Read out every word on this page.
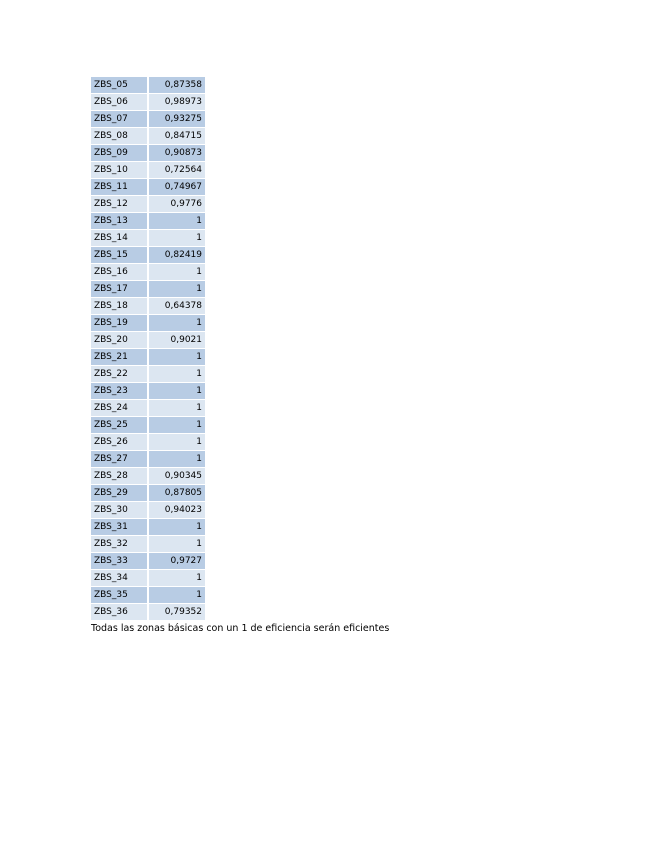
ZBS_05	0,87358
ZBS_06	0,98973
ZBS_07	0,93275
ZBS_08	0,84715
ZBS_09	0,90873
ZBS_10	0,72564
ZBS_11	0,74967
ZBS_12	0,9776
ZBS_13	1
ZBS_14	1
ZBS_15	0,82419
ZBS_16	1
ZBS_17	1
ZBS_18	0,64378
ZBS_19	1
ZBS_20	0,9021
ZBS_21	1
ZBS_22	1
ZBS_23	1
ZBS_24	1
ZBS_25	1
ZBS_26	1
ZBS_27	1
ZBS_28	0,90345
ZBS_29	0,87805
ZBS_30	0,94023
ZBS_31	1
ZBS_32	1
ZBS_33	0,9727
ZBS_34	1
ZBS_35	1
ZBS_36	0,79352
Todas las zonas básicas con un 1 de eficiencia serán eficientes
